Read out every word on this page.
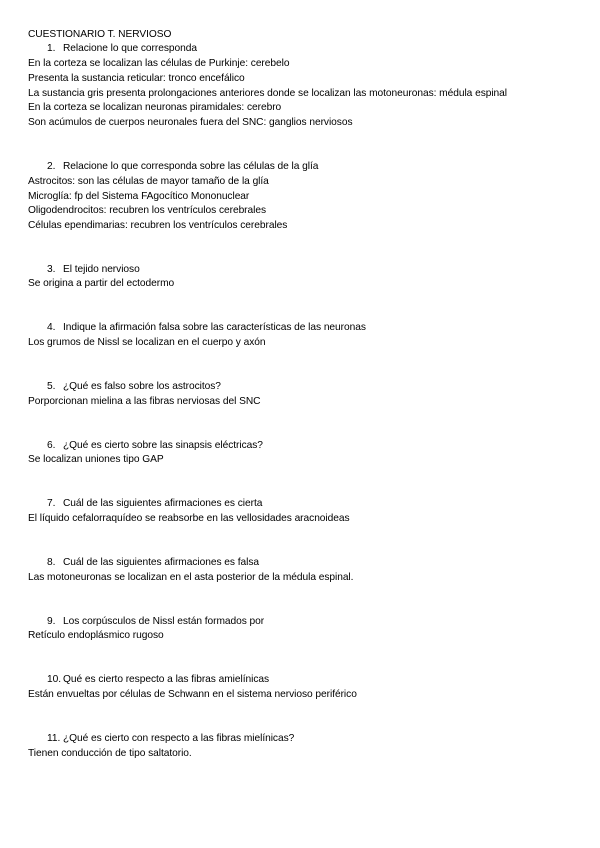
CUESTIONARIO T. NERVIOSO
1. Relacione lo que corresponda
En la corteza se localizan las células de Purkinje: cerebelo
Presenta la sustancia reticular: tronco encefálico
La sustancia gris presenta prolongaciones anteriores donde se localizan las motoneuronas: médula espinal
En la corteza se localizan neuronas piramidales: cerebro
Son acúmulos de cuerpos neuronales fuera del SNC: ganglios nerviosos
2. Relacione lo que corresponda sobre las células de la glía
Astrocitos: son las células de mayor tamaño de la glía
Microglía: fp del Sistema FAgocítico Mononuclear
Oligodendrocitos: recubren los ventrículos cerebrales
Células ependimarias: recubren los ventrículos cerebrales
3. El tejido nervioso
Se origina a partir del ectodermo
4. Indique la afirmación falsa sobre las características de las neuronas
Los grumos de Nissl se localizan en el cuerpo y axón
5. ¿Qué es falso sobre los astrocitos?
Porporcionan mielina a las fibras nerviosas del SNC
6. ¿Qué es cierto sobre las sinapsis eléctricas?
Se localizan uniones tipo GAP
7. Cuál de las siguientes afirmaciones es cierta
El líquido cefalorraquídeo se reabsorbe en las vellosidades aracnoideas
8. Cuál de las siguientes afirmaciones es falsa
Las motoneuronas se localizan en el asta posterior de la médula espinal.
9. Los corpúsculos de Nissl están formados por
Retículo endoplásmico rugoso
10. Qué es cierto respecto a las fibras amielínicas
Están envueltas por células de Schwann en el sistema nervioso periférico
11. ¿Qué es cierto con respecto a las fibras mielínicas?
Tienen conducción de tipo saltatorio.
